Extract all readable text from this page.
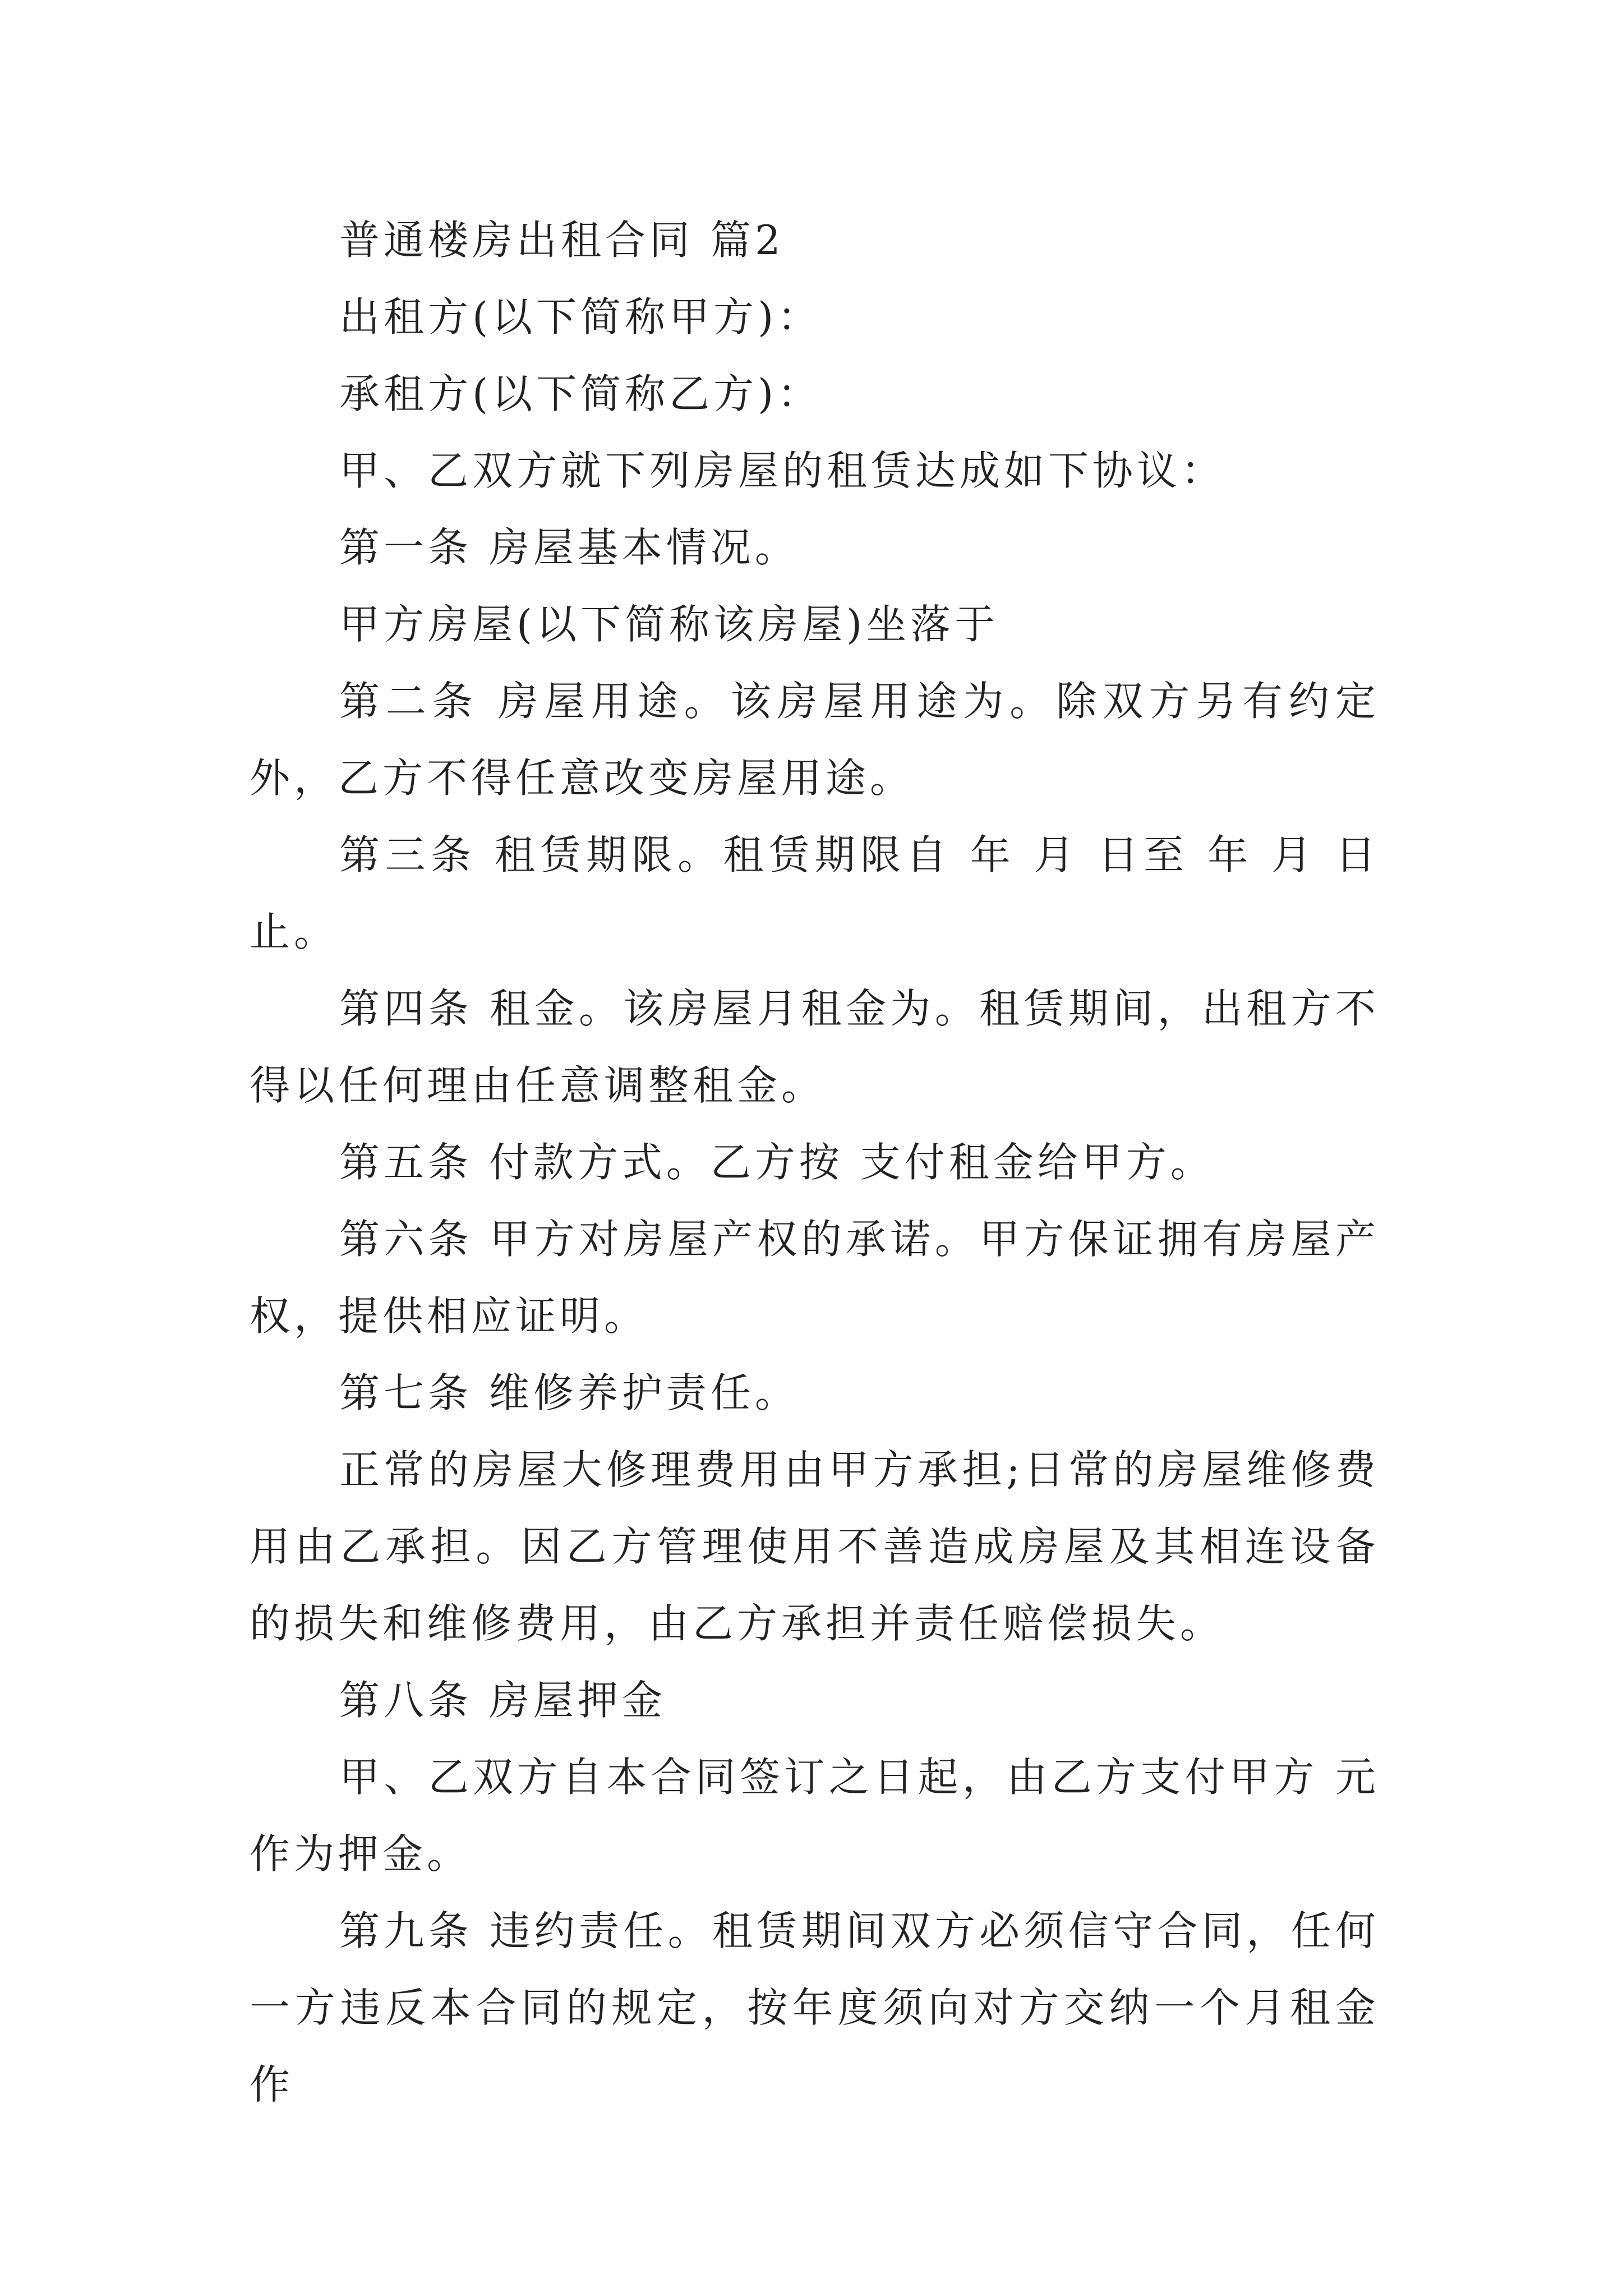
普通楼房出租合同 篇2

出租方(以下简称甲方)：

承租方(以下简称乙方)：

甲、乙双方就下列房屋的租赁达成如下协议：

第一条 房屋基本情况。

甲方房屋(以下简称该房屋)坐落于

第二条 房屋用途。该房屋用途为。除双方另有约定外，乙方不得任意改变房屋用途。

第三条 租赁期限。租赁期限自 年 月 日至 年 月 日止。

第四条 租金。该房屋月租金为。租赁期间，出租方不得以任何理由任意调整租金。

第五条 付款方式。乙方按 支付租金给甲方。

第六条 甲方对房屋产权的承诺。甲方保证拥有房屋产权，提供相应证明。

第七条 维修养护责任。

正常的房屋大修理费用由甲方承担;日常的房屋维修费用由乙承担。因乙方管理使用不善造成房屋及其相连设备的损失和维修费用，由乙方承担并责任赔偿损失。

第八条 房屋押金

甲、乙双方自本合同签订之日起，由乙方支付甲方 元作为押金。

第九条 违约责任。租赁期间双方必须信守合同，任何一方违反本合同的规定，按年度须向对方交纳一个月租金作
